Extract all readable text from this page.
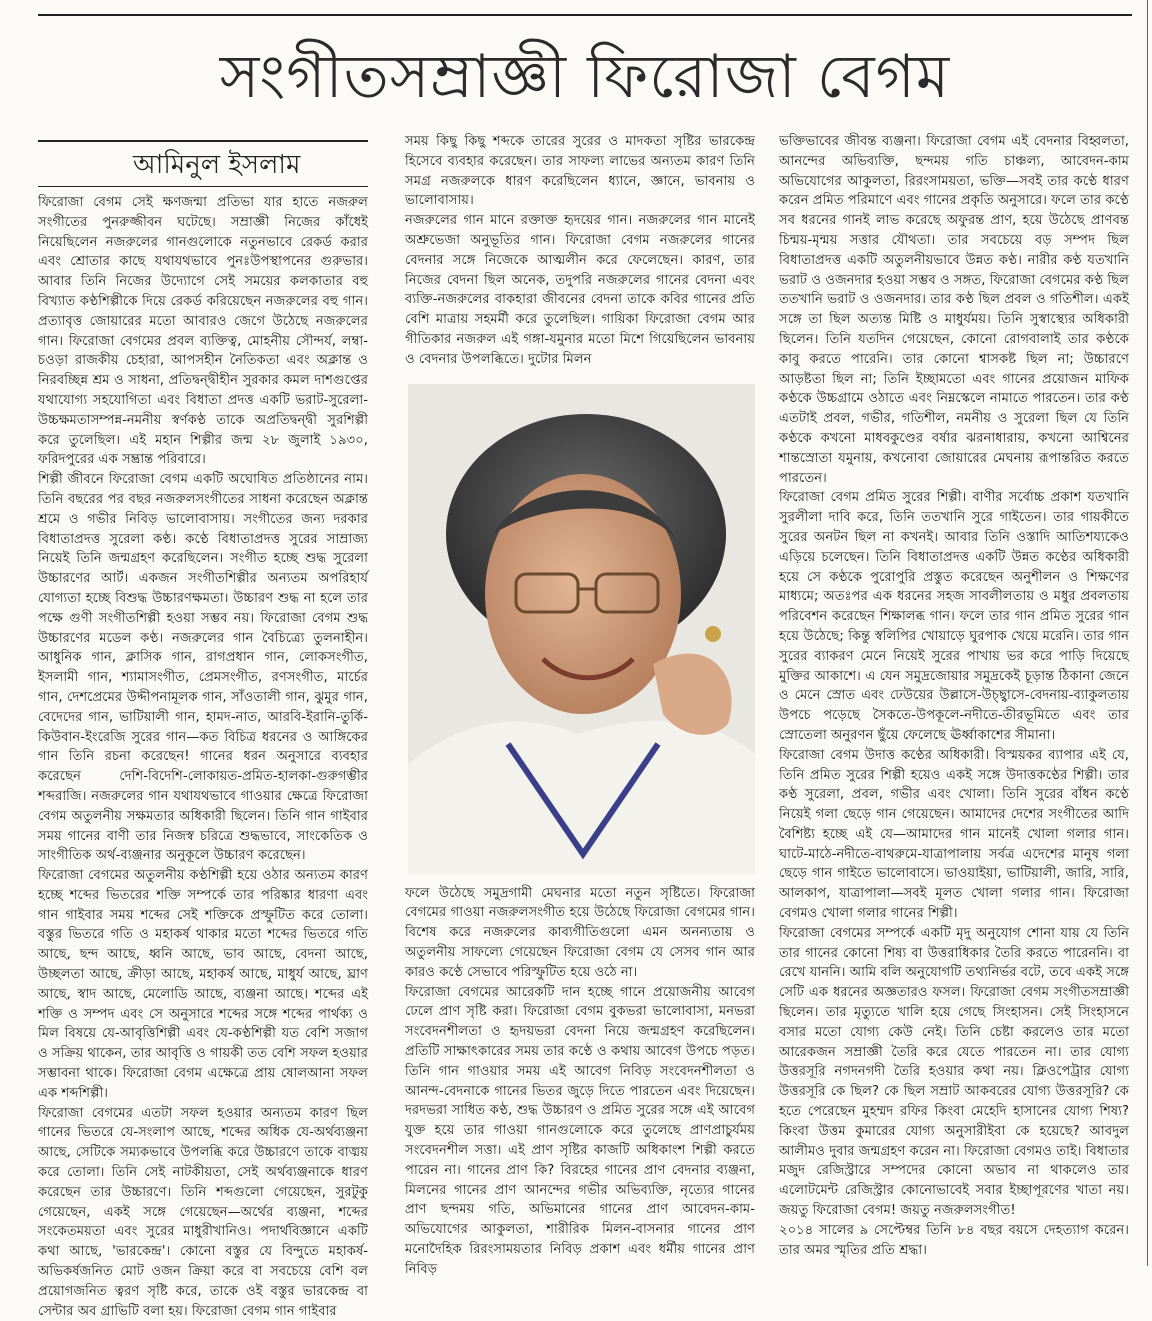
সংগীতসম্রাজ্ঞী ফিরোজা বেগম
আমিনুল ইসলাম

ফিরোজা বেগম সেই ক্ষণজন্মা প্রতিভা যার হাতে নজরুল সংগীতের পুনরুজ্জীবন ঘটেছে। সম্রাজ্ঞী নিজের কাঁধেই নিয়েছিলেন নজরুলের গানগুলোকে নতুনভাবে রেকর্ড করার এবং শ্রোতার কাছে যথাযথভাবে পুনঃউপস্থাপনের গুরুভার। আবার তিনি নিজের উদ্যোগে সেই সময়ের কলকাতার বহু বিখ্যাত কণ্ঠশিল্পীকে দিয়ে রেকর্ড করিয়েছেন নজরুলের বহু গান। প্রত্যাবৃত্ত জোয়ারের মতো আবারও জেগে উঠেছে নজরুলের গান। ফিরোজা বেগমের প্রবল ব্যক্তিত্ব, মোহনীয় সৌন্দর্য, লম্বা-চওড়া রাজকীয় চেহারা, আপসহীন নৈতিকতা এবং অক্লান্ত ও নিরবচ্ছিন্ন শ্রম ও সাধনা, প্রতিদ্বন্দ্বীহীন সুরকার কমল দাশগুপ্তের যথাযোগ্য সহযোগিতা এবং বিধাতা প্রদত্ত একটি ভরাট-সুরেলা-উচ্চক্ষমতাসম্পন্ন-নমনীয় স্বর্ণকণ্ঠ তাকে অপ্রতিদ্বন্দ্বী সুরশিল্পী করে তুলেছিল। এই মহান শিল্পীর জন্ম ২৮ জুলাই ১৯৩০, ফরিদপুরের এক সম্ভ্রান্ত পরিবারে।

শিল্পী জীবনে ফিরোজা বেগম একটি অঘোষিত প্রতিষ্ঠানের নাম। তিনি বছরের পর বছর নজরুলসংগীতের সাধনা করেছেন অক্লান্ত শ্রমে ও গভীর নিবিড় ভালোবাসায়। সংগীতের জন্য দরকার বিধাতাপ্রদত্ত সুরেলা কণ্ঠ। কণ্ঠে বিধাতাপ্রদত্ত সুরের সাম্রাজ্য নিয়েই তিনি জন্মগ্রহণ করেছিলেন। সংগীত হচ্ছে শুদ্ধ সুরেলা উচ্চারণের আর্ট। একজন সংগীতশিল্পীর অন্যতম অপরিহার্য যোগ্যতা হচ্ছে বিশুদ্ধ উচ্চারণক্ষমতা। উচ্চারণ শুদ্ধ না হলে তার পক্ষে গুণী সংগীতশিল্পী হওয়া সম্ভব নয়। ফিরোজা বেগম শুদ্ধ উচ্চারণের মডেল কণ্ঠ। নজরুলের গান বৈচিত্র্যে তুলনাহীন। আধুনিক গান, ক্লাসিক গান, রাগপ্রধান গান, লোকসংগীত, ইসলামী গান, শ্যামাসংগীত, প্রেমসংগীত, রণসংগীত, মার্চের গান, দেশপ্রেমের উদ্দীপনামূলক গান, সাঁওতালী গান, ঝুমুর গান, বেদেদের গান, ভাটিয়ালী গান, হামদ-নাত, আরবি-ইরানি-তুর্কি-কিউবান-ইংরেজি সুরের গান—কত বিচিত্র ধরনের ও আঙ্গিকের গান তিনি রচনা করেছেন! গানের ধরন অনুসারে ব্যবহার করেছেন দেশি-বিদেশি-লোকায়ত-প্রমিত-হালকা-গুরুগম্ভীর শব্দরাজি। নজরুলের গান যথাযথভাবে গাওয়ার ক্ষেত্রে ফিরোজা বেগম অতুলনীয় সক্ষমতার অধিকারী ছিলেন। তিনি গান গাইবার সময় গানের বাণী তার নিজস্ব চরিত্রে শুদ্ধভাবে, সাংকেতিক ও সাংগীতিক অর্থ-ব্যঞ্জনার অনুকূলে উচ্চারণ করেছেন।

ফিরোজা বেগমের অতুলনীয় কণ্ঠশিল্পী হয়ে ওঠার অন্যতম কারণ হচ্ছে শব্দের ভিতরের শক্তি সম্পর্কে তার পরিষ্কার ধারণা এবং গান গাইবার সময় শব্দের সেই শক্তিকে প্রস্ফুটিত করে তোলা। বস্তুর ভিতরে গতি ও মহাকর্ষ থাকার মতো শব্দের ভিতরে গতি আছে, ছন্দ আছে, ধ্বনি আছে, ভাব আছে, বেদনা আছে, উচ্ছলতা আছে, ক্রীড়া আছে, মহাকর্ষ আছে, মাধুর্য আছে, ঘ্রাণ আছে, স্বাদ আছে, মেলোডি আছে, ব্যঞ্জনা আছে। শব্দের এই শক্তি ও সম্পদ এবং সে অনুসারে শব্দের সঙ্গে শব্দের পার্থক্য ও মিল বিষয়ে যে-আবৃত্তিশিল্পী এবং যে-কণ্ঠশিল্পী যত বেশি সজাগ ও সক্রিয় থাকেন, তার আবৃত্তি ও গায়কী তত বেশি সফল হওয়ার সম্ভাবনা থাকে। ফিরোজা বেগম এক্ষেত্রে প্রায় ষোলআনা সফল এক শব্দশিল্পী।

ফিরোজা বেগমের এতটা সফল হওয়ার অন্যতম কারণ ছিল গানের ভিতরে যে-সংলাপ আছে, শব্দের অধিক যে-অর্থব্যঞ্জনা আছে, সেটিকে সম্যকভাবে উপলব্ধি করে উচ্চারণে তাকে বাঙ্ময় করে তোলা। তিনি সেই নাটকীয়তা, সেই অর্থব্যঞ্জনাকে ধারণ করেছেন তার উচ্চারণে। তিনি শব্দগুলো গেয়েছেন, সুরটুকু গেয়েছেন, একই সঙ্গে গেয়েছেন—অর্থের ব্যঞ্জনা, শব্দের সংকেতময়তা এবং সুরের মাধুরীখানিও। পদার্থবিজ্ঞানে একটি কথা আছে, 'ভারকেন্দ্র'। কোনো বস্তুর যে বিন্দুতে মহাকর্ষ-অভিকর্ষজনিত মোট ওজন ক্রিয়া করে বা সবচেয়ে বেশি বল প্রয়োগজনিত ত্বরণ সৃষ্টি করে, তাকে ওই বস্তুর ভারকেন্দ্র বা সেন্টার অব গ্রাভিটি বলা হয়। ফিরোজা বেগম গান গাইবার

সময় কিছু কিছু শব্দকে তারের সুরের ও মাদকতা সৃষ্টির ভারকেন্দ্র হিসেবে ব্যবহার করেছেন। তার সাফল্য লাভের অন্যতম কারণ তিনি সমগ্র নজরুলকে ধারণ করেছিলেন ধ্যানে, জ্ঞানে, ভাবনায় ও ভালোবাসায়।

নজরুলের গান মানে রক্তাক্ত হৃদয়ের গান। নজরুলের গান মানেই অশ্রুভেজা অনুভূতির গান। ফিরোজা বেগম নজরুলের গানের বেদনার সঙ্গে নিজেকে আত্মলীন করে ফেলেছেন। কারণ, তার নিজের বেদনা ছিল অনেক, তদুপরি নজরুলের গানের বেদনা এবং ব্যক্তি-নজরুলের বাকহারা জীবনের বেদনা তাকে কবির গানের প্রতি বেশি মাত্রায় সহমর্মী করে তুলেছিল। গায়িকা ফিরোজা বেগম আর গীতিকার নজরুল এই গঙ্গা-যমুনার মতো মিশে গিয়েছিলেন ভাবনায় ও বেদনার উপলব্ধিতে। দুটোর মিলন

ফলে উঠেছে সমুদ্রগামী মেঘনার মতো নতুন সৃষ্টিতে। ফিরোজা বেগমের গাওয়া নজরুলসংগীত হয়ে উঠেছে ফিরোজা বেগমের গান। বিশেষ করে নজরুলের কাব্যগীতিগুলো এমন অনন্যতায় ও অতুলনীয় সাফল্যে গেয়েছেন ফিরোজা বেগম যে সেসব গান আর কারও কণ্ঠে সেভাবে পরিস্ফুটিত হয়ে ওঠে না।

ফিরোজা বেগমের আরেকটি দান হচ্ছে গানে প্রয়োজনীয় আবেগ ঢেলে প্রাণ সৃষ্টি করা। ফিরোজা বেগম বুকভরা ভালোবাসা, মনভরা সংবেদনশীলতা ও হৃদয়ভরা বেদনা নিয়ে জন্মগ্রহণ করেছিলেন। প্রতিটি সাক্ষাৎকারের সময় তার কণ্ঠে ও কথায় আবেগ উপচে পড়ত। তিনি গান গাওয়ার সময় এই আবেগ নিবিড় সংবেদনশীলতা ও আনন্দ-বেদনাকে গানের ভিতর জুড়ে দিতে পারতেন এবং দিয়েছেন। দরদভরা সাধিত কণ্ঠ, শুদ্ধ উচ্চারণ ও প্রমিত সুরের সঙ্গে এই আবেগ যুক্ত হয়ে তার গাওয়া গানগুলোকে করে তুলেছে প্রাণপ্রাচুর্যময় সংবেদনশীল সত্তা। এই প্রাণ সৃষ্টির কাজটি অধিকাংশ শিল্পী করতে পারেন না। গানের প্রাণ কি? বিরহের গানের প্রাণ বেদনার ব্যঞ্জনা, মিলনের গানের প্রাণ আনন্দের গভীর অভিব্যক্তি, নৃত্যের গানের প্রাণ ছন্দময় গতি, অভিমানের গানের প্রাণ আবেদন-কাম-অভিযোগের আকুলতা, শারীরিক মিলন-বাসনার গানের প্রাণ মনোদৈহিক রিরংসাময়তার নিবিড় প্রকাশ এবং ধর্মীয় গানের প্রাণ নিবিড়

ভক্তিভাবের জীবন্ত ব্যঞ্জনা। ফিরোজা বেগম এই বেদনার বিহ্বলতা, আনন্দের অভিব্যক্তি, ছন্দময় গতি চাঞ্চল্য, আবেদন-কাম অভিযোগের আকুলতা, রিরংসাময়তা, ভক্তি—সবই তার কণ্ঠে ধারণ করেন প্রমিত পরিমাণে এবং গানের প্রকৃতি অনুসারে। ফলে তার কণ্ঠে সব ধরনের গানই লাভ করেছে অফুরন্ত প্রাণ, হয়ে উঠেছে প্রাণবন্ত চিন্ময়-মৃন্ময় সত্তার যৌথতা। তার সবচেয়ে বড় সম্পদ ছিল বিধাতাপ্রদত্ত একটি অতুলনীয়ভাবে উন্নত কণ্ঠ। নারীর কণ্ঠ যতখানি ভরাট ও ওজনদার হওয়া সম্ভব ও সঙ্গত, ফিরোজা বেগমের কণ্ঠ ছিল ততখানি ভরাট ও ওজনদার। তার কণ্ঠ ছিল প্রবল ও গতিশীল। একই সঙ্গে তা ছিল অত্যন্ত মিষ্টি ও মাধুর্যময়। তিনি সুস্বাস্থ্যের অধিকারী ছিলেন। তিনি যতদিন গেয়েছেন, কোনো রোগবালাই তার কণ্ঠকে কাবু করতে পারেনি। তার কোনো শ্বাসকষ্ট ছিল না; উচ্চারণে আড়ষ্টতা ছিল না; তিনি ইচ্ছামতো এবং গানের প্রয়োজন মাফিক কণ্ঠকে উচ্চগ্রামে ওঠাতে এবং নিম্নস্কেলে নামাতে পারতেন। তার কণ্ঠ এতটাই প্রবল, গভীর, গতিশীল, নমনীয় ও সুরেলা ছিল যে তিনি কণ্ঠকে কখনো মাধবকুণ্ডের বর্ষার ঝরনাধারায়, কখনো আশ্বিনের শান্তস্রোতা যমুনায়, কখনোবা জোয়ারের মেঘনায় রূপান্তরিত করতে পারতেন।

ফিরোজা বেগম প্রমিত সুরের শিল্পী। বাণীর সর্বোচ্চ প্রকাশ যতখানি সুরলীলা দাবি করে, তিনি ততখানি সুরে গাইতেন। তার গায়কীতে সুরের অনটন ছিল না কখনই। আবার তিনি ওস্তাদি আতিশয্যকেও এড়িয়ে চলেছেন। তিনি বিধাতাপ্রদত্ত একটি উন্নত কণ্ঠের অধিকারী হয়ে সে কণ্ঠকে পুরোপুরি প্রস্তুত করেছেন অনুশীলন ও শিক্ষণের মাধ্যমে; অতঃপর এক ধরনের সহজ সাবলীলতায় ও মধুর প্রবলতায় পরিবেশন করেছেন শিক্ষালব্ধ গান। ফলে তার গান প্রমিত সুরের গান হয়ে উঠেছে; কিন্তু স্বলিপির খোয়াড়ে ঘুরপাক খেয়ে মরেনি। তার গান সুরের ব্যাকরণ মেনে নিয়েই সুরের পাখায় ভর করে পাড়ি দিয়েছে মুক্তির আকাশে। এ যেন সমুদ্রজোয়ার সমুদ্রকেই চূড়ান্ত ঠিকানা জেনে ও মেনে স্রোত এবং ঢেউয়ের উল্লাসে-উচ্ছ্বাসে-বেদনায়-ব্যাকুলতায় উপচে পড়েছে সৈকতে-উপকূলে-নদীতে-তীরভূমিতে এবং তার স্রোতেলা অনুরণন ছুঁয়ে ফেলেছে ঊর্ধ্বাকাশের সীমানা।

ফিরোজা বেগম উদাত্ত কণ্ঠের অধিকারী। বিস্ময়কর ব্যাপার এই যে, তিনি প্রমিত সুরের শিল্পী হয়েও একই সঙ্গে উদাত্তকণ্ঠের শিল্পী। তার কণ্ঠ সুরেলা, প্রবল, গভীর এবং খোলা। তিনি সুরের বাঁধন কণ্ঠে নিয়েই গলা ছেড়ে গান গেয়েছেন। আমাদের দেশের সংগীতের আদি বৈশিষ্ট্য হচ্ছে এই যে—আমাদের গান মানেই খোলা গলার গান। ঘাটে-মাঠে-নদীতে-বাথরুমে-যাত্রাপালায় সর্বত্র এদেশের মানুষ গলা ছেড়ে গান গাইতে ভালোবাসে। ভাওয়াইয়া, ভাটিয়ালী, জারি, সারি, আলকাপ, যাত্রাপালা—সবই মূলত খোলা গলার গান। ফিরোজা বেগমও খোলা গলার গানের শিল্পী।

ফিরোজা বেগমের সম্পর্কে একটি মৃদু অনুযোগ শোনা যায় যে তিনি তার গানের কোনো শিষ্য বা উত্তরাধিকার তৈরি করতে পারেননি। বা রেখে যাননি। আমি বলি অনুযোগটি তথ্যনির্ভর বটে, তবে একই সঙ্গে সেটি এক ধরনের অজ্ঞতারও ফসল। ফিরোজা বেগম সংগীতসম্রাজ্ঞী ছিলেন। তার মৃত্যুতে খালি হয়ে গেছে সিংহাসন। সেই সিংহাসনে বসার মতো যোগ্য কেউ নেই। তিনি চেষ্টা করলেও তার মতো আরেকজন সম্রাজ্ঞী তৈরি করে যেতে পারতেন না। তার যোগ্য উত্তরসূরি নগদনগদী তৈরি হওয়ার কথা নয়। ক্লিওপেট্রার যোগ্য উত্তরসূরি কে ছিল? কে ছিল সম্রাট আকবরের যোগ্য উত্তরসূরি? কে হতে পেরেছেন মুহম্মদ রফির কিংবা মেহেদি হাসানের যোগ্য শিষ্য? কিংবা উত্তম কুমারের যোগ্য অনুসারীইবা কে হয়েছে? আবদুল আলীমও দুবার জন্মগ্রহণ করেন না। ফিরোজা বেগমও তাই। বিধাতার মজুদ রেজিস্ট্রারে সম্পদের কোনো অভাব না থাকলেও তার এলোটমেন্ট রেজিস্ট্রার কোনোভাবেই সবার ইচ্ছাপূরণের খাতা নয়। জয়তু ফিরোজা বেগম! জয়তু নজরুলসংগীত!

২০১৪ সালের ৯ সেপ্টেম্বর তিনি ৮৪ বছর বয়সে দেহত্যাগ করেন। তার অমর স্মৃতির প্রতি শ্রদ্ধা।
